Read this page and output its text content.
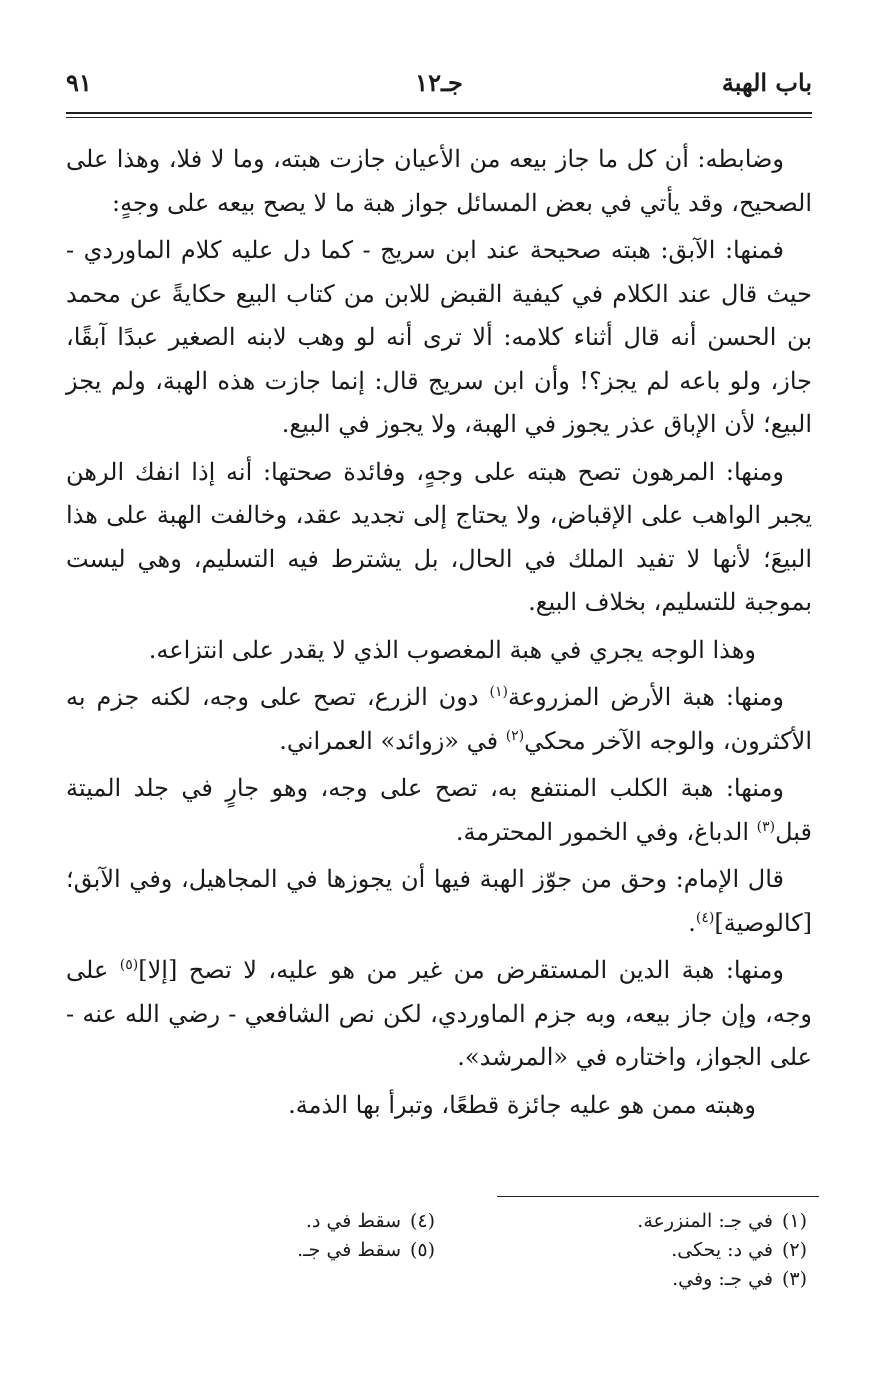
باب الهبة
جـ١٢
٩١

وضابطه: أن كل ما جاز بيعه من الأعيان جازت هبته، وما لا فلا، وهذا على الصحيح، وقد يأتي في بعض المسائل جواز هبة ما لا يصح بيعه على وجهٍ:

فمنها: الآبق: هبته صحيحة عند ابن سريج - كما دل عليه كلام الماوردي - حيث قال عند الكلام في كيفية القبض للابن من كتاب البيع حكايةً عن محمد بن الحسن أنه قال أثناء كلامه: ألا ترى أنه لو وهب لابنه الصغير عبدًا آبقًا، جاز، ولو باعه لم يجز؟! وأن ابن سريج قال: إنما جازت هذه الهبة، ولم يجز البيع؛ لأن الإباق عذر يجوز في الهبة، ولا يجوز في البيع.

ومنها: المرهون تصح هبته على وجهٍ، وفائدة صحتها: أنه إذا انفك الرهن يجبر الواهب على الإقباض، ولا يحتاج إلى تجديد عقد، وخالفت الهبة على هذا البيعَ؛ لأنها لا تفيد الملك في الحال، بل يشترط فيه التسليم، وهي ليست بموجبة للتسليم، بخلاف البيع.

وهذا الوجه يجري في هبة المغصوب الذي لا يقدر على انتزاعه.

ومنها: هبة الأرض المزروعة$^{(١)}$ دون الزرع، تصح على وجه، لكنه جزم به الأكثرون، والوجه الآخر محكي$^{(٢)}$ في «زوائد» العمراني.

ومنها: هبة الكلب المنتفع به، تصح على وجه، وهو جارٍ في جلد الميتة قبل$^{(٣)}$ الدباغ، وفي الخمور المحترمة.

قال الإمام: وحق من جوّز الهبة فيها أن يجوزها في المجاهيل، وفي الآبق؛ [كالوصية]$^{(٤)}$.

ومنها: هبة الدين المستقرض من غير من هو عليه، لا تصح [إلا]$^{(٥)}$ على وجه، وإن جاز بيعه، وبه جزم الماوردي، لكن نص الشافعي - رضي الله عنه - على الجواز، واختاره في «المرشد».

وهبته ممن هو عليه جائزة قطعًا، وتبرأ بها الذمة.

(١)في جـ: المنزرعة.
(٢)في د: يحكى.
(٣)في جـ: وفي.
(٤)سقط في د.
(٥)سقط في جـ.
